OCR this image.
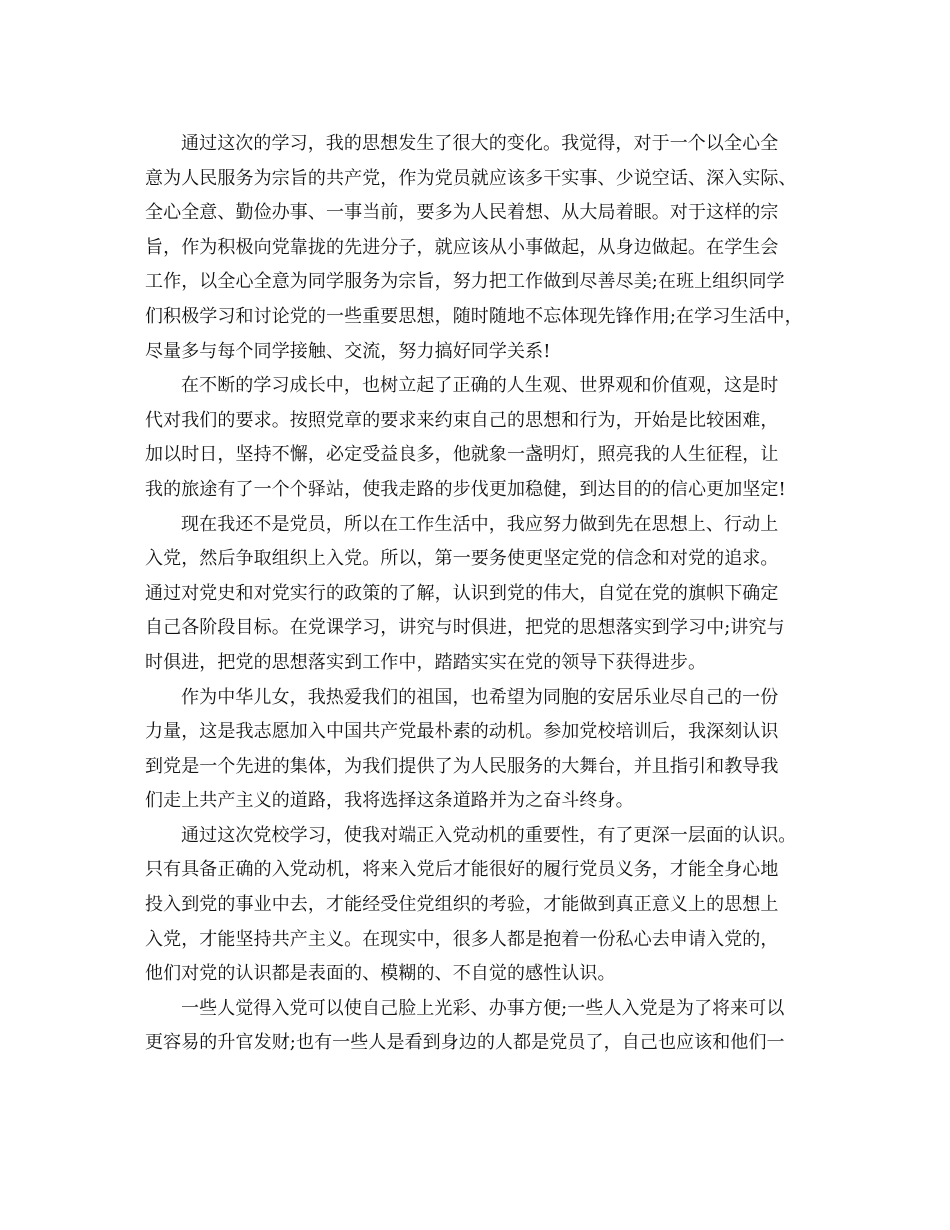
通过这次的学习，我的思想发生了很大的变化。我觉得，对于一个以全心全
意为人民服务为宗旨的共产党，作为党员就应该多干实事、少说空话、深入实际、
全心全意、勤俭办事、一事当前，要多为人民着想、从大局着眼。对于这样的宗
旨，作为积极向党靠拢的先进分子，就应该从小事做起，从身边做起。在学生会
工作，以全心全意为同学服务为宗旨，努力把工作做到尽善尽美;在班上组织同学
们积极学习和讨论党的一些重要思想，随时随地不忘体现先锋作用;在学习生活中，
尽量多与每个同学接触、交流，努力搞好同学关系!
在不断的学习成长中，也树立起了正确的人生观、世界观和价值观，这是时
代对我们的要求。按照党章的要求来约束自己的思想和行为，开始是比较困难，
加以时日，坚持不懈，必定受益良多，他就象一盏明灯，照亮我的人生征程，让
我的旅途有了一个个驿站，使我走路的步伐更加稳健，到达目的的信心更加坚定!
现在我还不是党员，所以在工作生活中，我应努力做到先在思想上、行动上
入党，然后争取组织上入党。所以，第一要务使更坚定党的信念和对党的追求。
通过对党史和对党实行的政策的了解，认识到党的伟大，自觉在党的旗帜下确定
自己各阶段目标。在党课学习，讲究与时俱进，把党的思想落实到学习中;讲究与
时俱进，把党的思想落实到工作中，踏踏实实在党的领导下获得进步。
作为中华儿女，我热爱我们的祖国，也希望为同胞的安居乐业尽自己的一份
力量，这是我志愿加入中国共产党最朴素的动机。参加党校培训后，我深刻认识
到党是一个先进的集体，为我们提供了为人民服务的大舞台，并且指引和教导我
们走上共产主义的道路，我将选择这条道路并为之奋斗终身。
通过这次党校学习，使我对端正入党动机的重要性，有了更深一层面的认识。
只有具备正确的入党动机，将来入党后才能很好的履行党员义务，才能全身心地
投入到党的事业中去，才能经受住党组织的考验，才能做到真正意义上的思想上
入党，才能坚持共产主义。在现实中，很多人都是抱着一份私心去申请入党的，
他们对党的认识都是表面的、模糊的、不自觉的感性认识。
一些人觉得入党可以使自己脸上光彩、办事方便;一些人入党是为了将来可以
更容易的升官发财;也有一些人是看到身边的人都是党员了，自己也应该和他们一
